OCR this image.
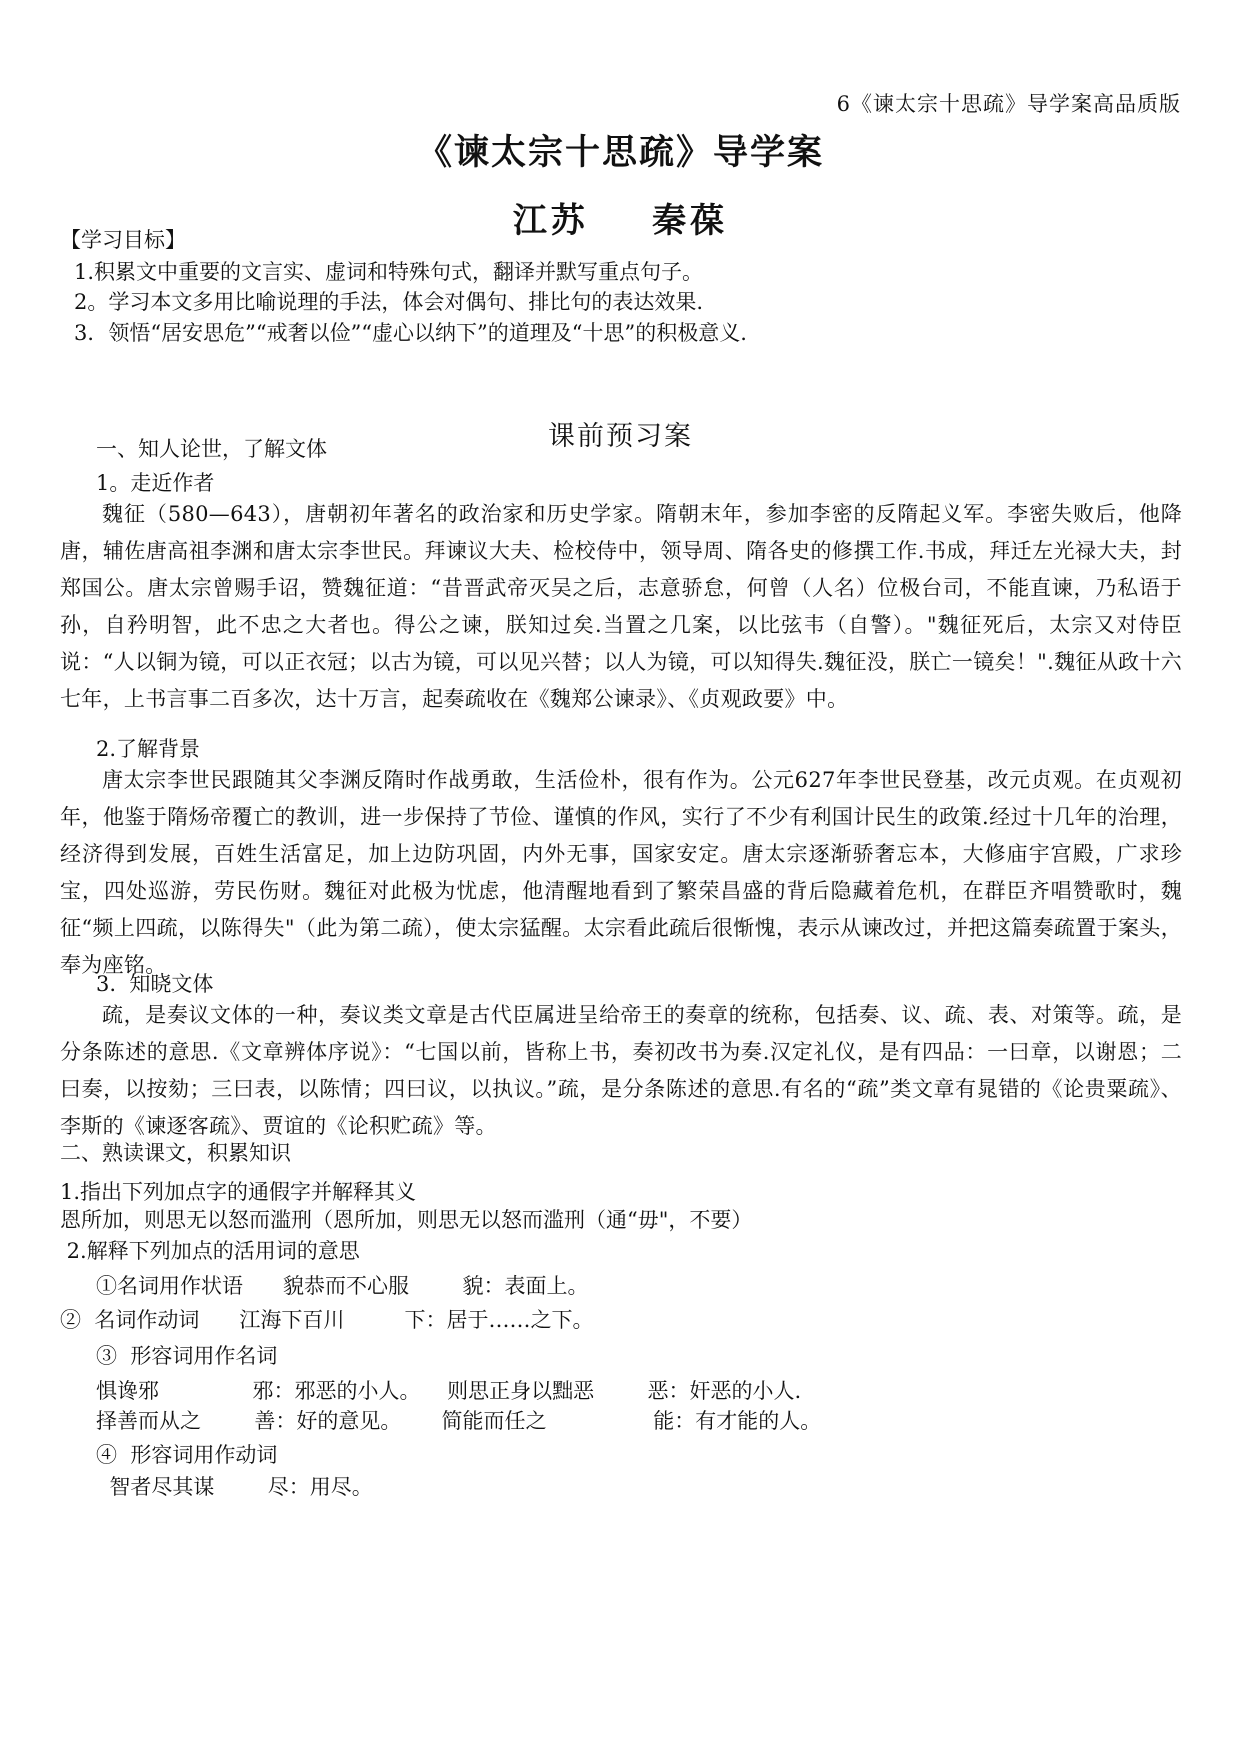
6《谏太宗十思疏》导学案高品质版
《谏太宗十思疏》导学案
江苏    秦葆
【学习目标】
1.积累文中重要的文言实、虚词和特殊句式，翻译并默写重点句子。
2。学习本文多用比喻说理的手法，体会对偶句、排比句的表达效果.
3．领悟“居安思危”“戒奢以俭”“虚心以纳下”的道理及“十思”的积极意义.
课前预习案
一、知人论世，了解文体
1。走近作者
魏征（580—643），唐朝初年著名的政治家和历史学家。隋朝末年，参加李密的反隋起义军。李密失败后，他降唐，辅佐唐高祖李渊和唐太宗李世民。拜谏议大夫、检校侍中，领导周、隋各史的修撰工作.书成，拜迁左光禄大夫，封郑国公。唐太宗曾赐手诏，赞魏征道：“昔晋武帝灭吴之后，志意骄怠，何曾（人名）位极台司，不能直谏，乃私语于孙，自矜明智，此不忠之大者也。得公之谏，朕知过矣.当置之几案，以比弦韦（自警）。"魏征死后，太宗又对侍臣说：“人以铜为镜，可以正衣冠；以古为镜，可以见兴替；以人为镜，可以知得失.魏征没，朕亡一镜矣！".魏征从政十六七年，上书言事二百多次，达十万言，起奏疏收在《魏郑公谏录》、《贞观政要》中。
2.了解背景
唐太宗李世民跟随其父李渊反隋时作战勇敢，生活俭朴，很有作为。公元627年李世民登基，改元贞观。在贞观初年，他鉴于隋炀帝覆亡的教训，进一步保持了节俭、谨慎的作风，实行了不少有利国计民生的政策.经过十几年的治理，经济得到发展，百姓生活富足，加上边防巩固，内外无事，国家安定。唐太宗逐渐骄奢忘本，大修庙宇宫殿，广求珍宝，四处巡游，劳民伤财。魏征对此极为忧虑，他清醒地看到了繁荣昌盛的背后隐藏着危机，在群臣齐唱赞歌时，魏征“频上四疏，以陈得失"（此为第二疏），使太宗猛醒。太宗看此疏后很惭愧，表示从谏改过，并把这篇奏疏置于案头，奉为座铭。
3.  知晓文体
疏，是奏议文体的一种，奏议类文章是古代臣属进呈给帝王的奏章的统称，包括奏、议、疏、表、对策等。疏，是分条陈述的意思.《文章辨体序说》：“七国以前，皆称上书，奏初改书为奏.汉定礼仪，是有四品：一曰章，以谢恩；二曰奏，以按劾；三曰表，以陈情；四曰议，以执议。”疏，是分条陈述的意思.有名的“疏”类文章有晁错的《论贵粟疏》、李斯的《谏逐客疏》、贾谊的《论积贮疏》等。
二、熟读课文，积累知识
1.指出下列加点字的通假字并解释其义
恩所加，则思无以怒而滥刑（恩所加，则思无以怒而滥刑（通“毋"，不要）
2.解释下列加点的活用词的意思
①名词用作状语      貌恭而不心服        貌：表面上。
②  名词作动词      江海下百川         下：居于……之下。
③  形容词用作名词
惧谗邪              邪：邪恶的小人。    则思正身以黜恶        恶：奸恶的小人.
择善而从之        善：好的意见。      简能而任之                能：有才能的人。
④  形容词用作动词
智者尽其谋        尽：用尽。
